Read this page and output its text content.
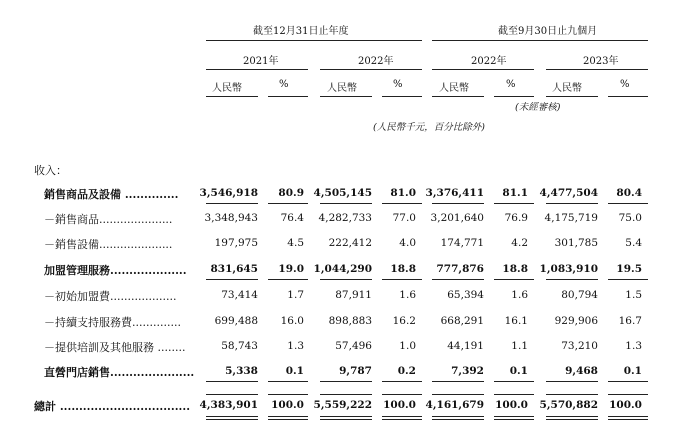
截至12月31日止年度	截至9月30日止九個月
2021年	2022年	2022年	2023年
人民幣	%	人民幣	%	人民幣	%	人民幣	%
(未經審核)
(人民幣千元，百分比除外)
收入：
銷售商品及設備 .............. 3,546,918 80.9 4,505,145 81.0 3,376,411 81.1 4,477,504 80.4
－銷售商品.....................	3,348,943 76.4 4,282,733 77.0 3,201,640 76.9 4,175,719 75.0
－銷售設備.....................	197,975	4.5 222,412	4.0 174,771	4.2	301,785	5.4
加盟管理服務.................... 831,645 19.0 1,044,290 18.8 777,876 18.8 1,083,910 19.5
－初始加盟費...................	73,414	1.7	87,911	1.6	65,394	1.6	80,794	1.5
－持續支持服務費..............	699,488 16.0 898,883 16.2 668,291 16.1	929,906 16.7
－提供培訓及其他服務 ........	58,743	1.3	57,496	1.0	44,191	1.1	73,210	1.3
直營門店銷售......................	5,338	0.1	9,787 0.2	7,392 0.1	9,468 0.1
總計 .................................. 4,383,901 100.0 5,559,222 100.0 4,161,679 100.0 5,570,882 100.0
